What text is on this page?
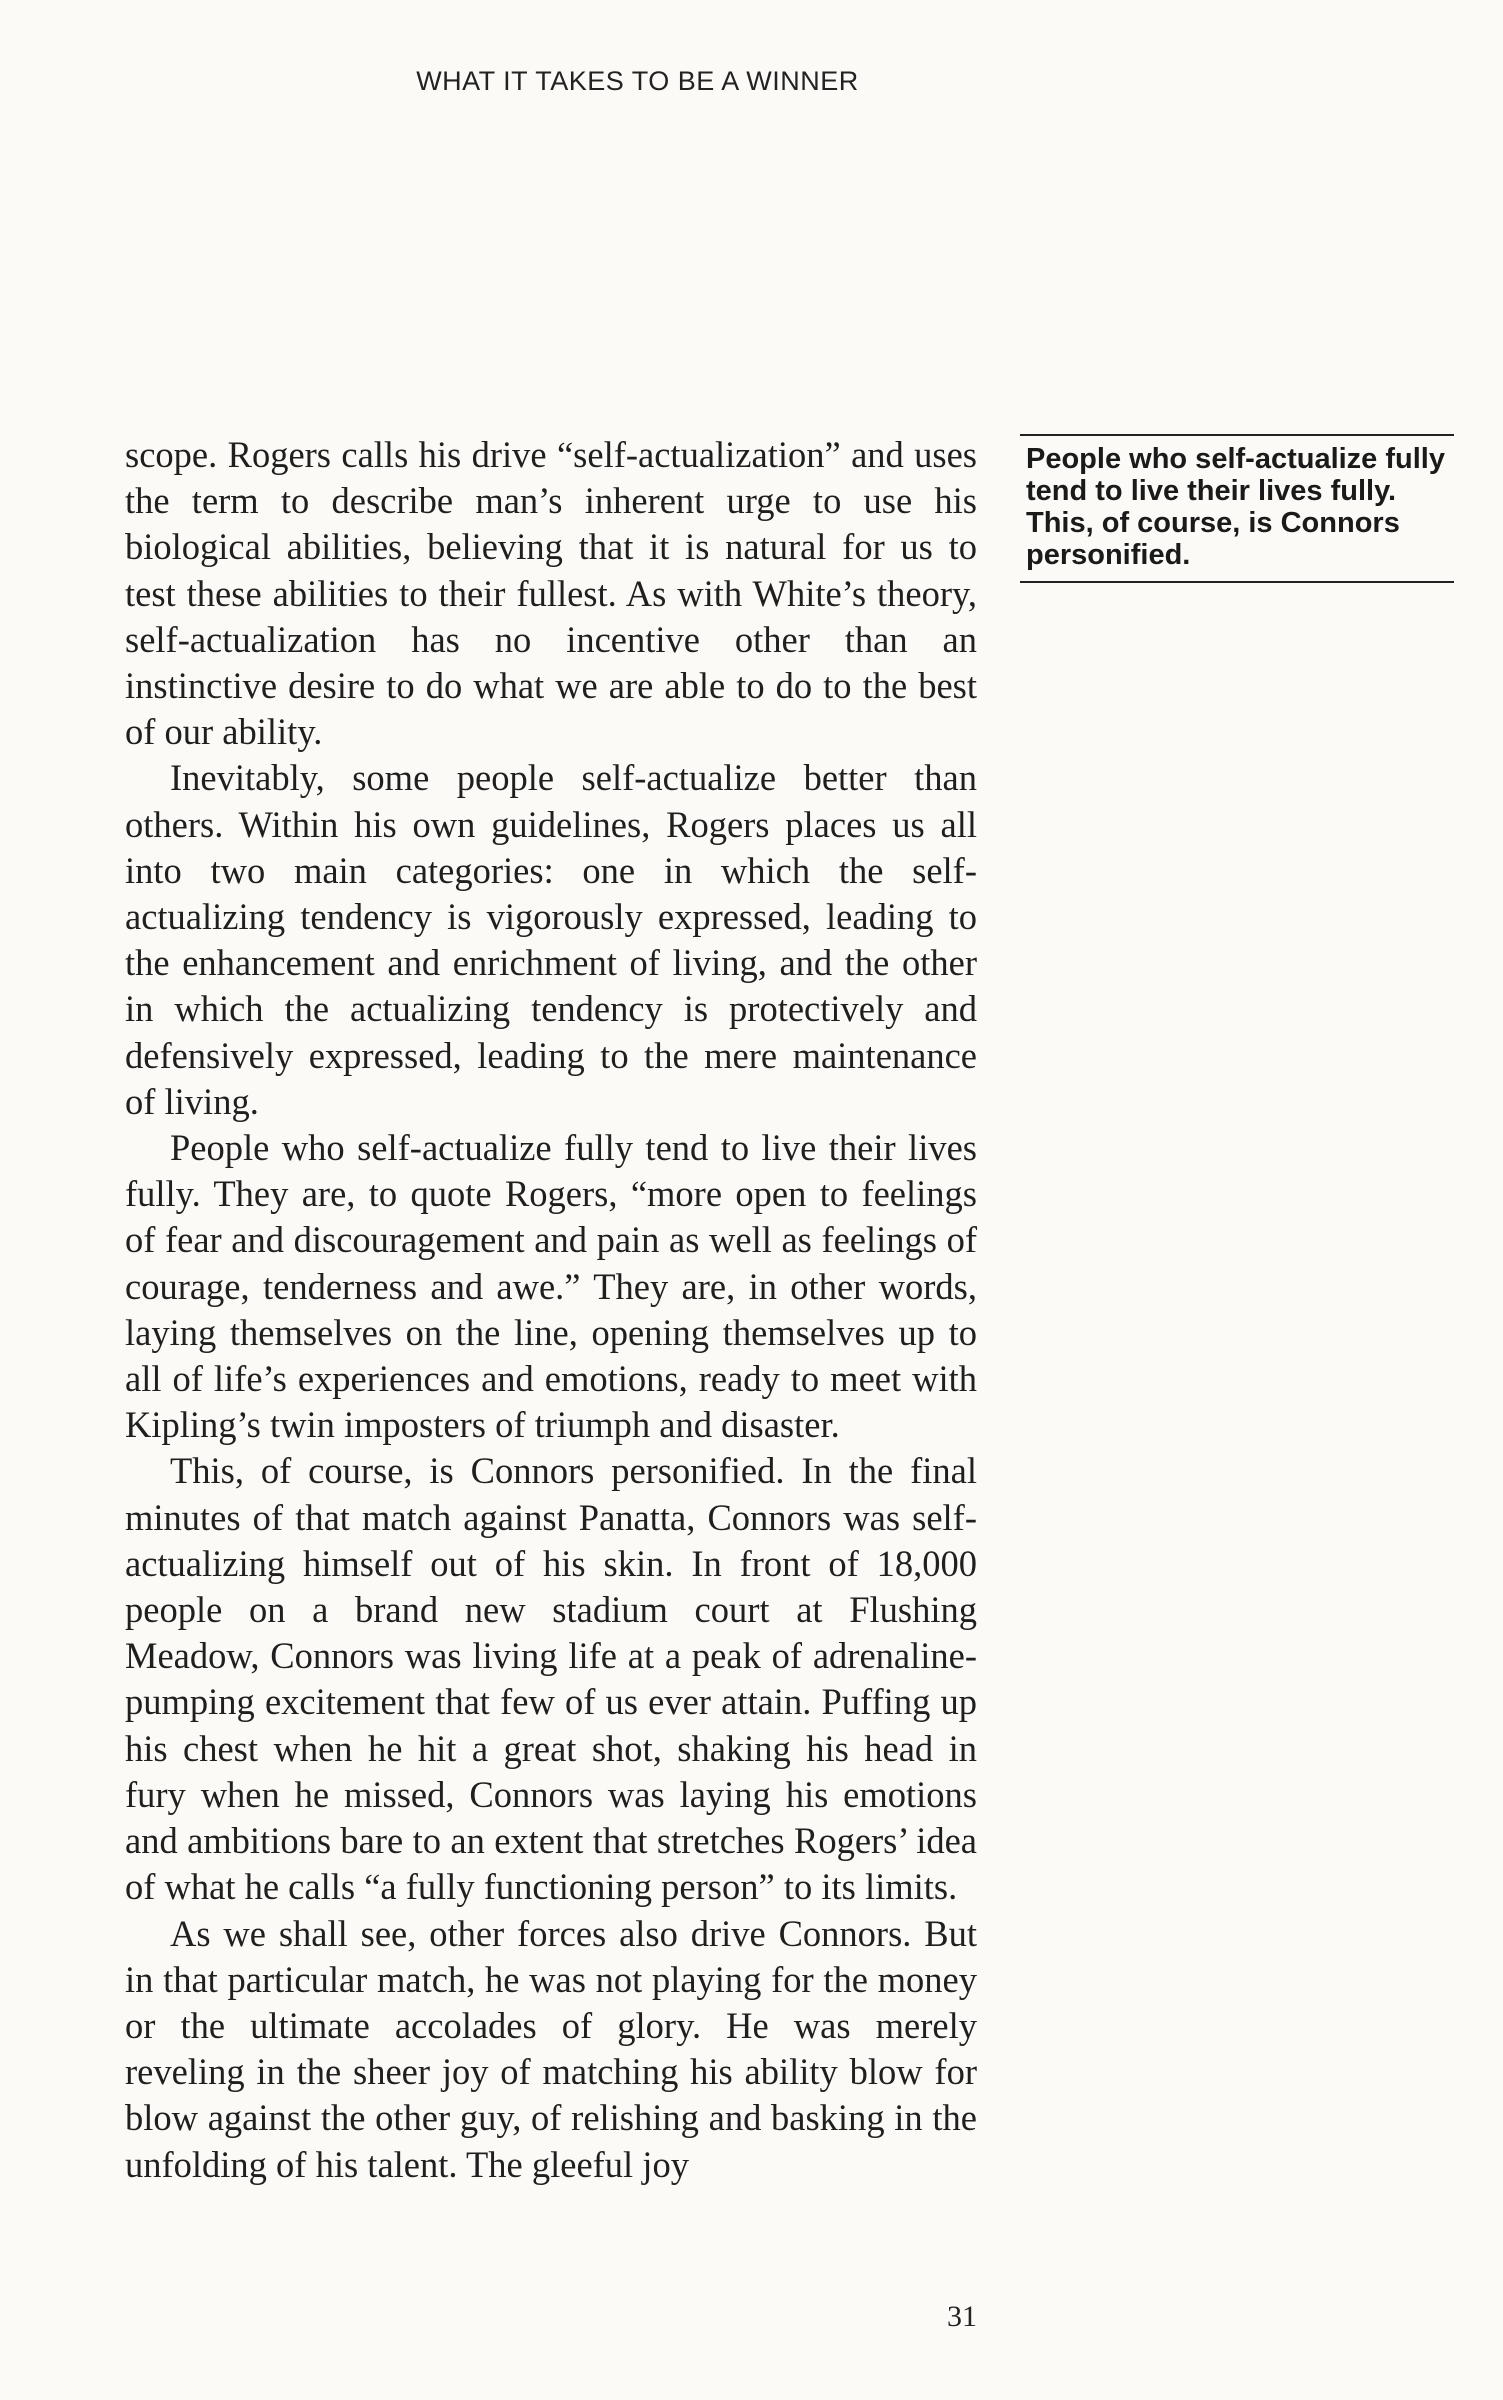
WHAT IT TAKES TO BE A WINNER

scope. Rogers calls his drive “self-actualization” and uses the term to describe man’s inherent urge to use his biological abilities, believing that it is natural for us to test these abilities to their fullest. As with White’s theory, self-actualization has no incentive other than an instinctive desire to do what we are able to do to the best of our ability.

Inevitably, some people self-actualize better than others. Within his own guidelines, Rogers places us all into two main categories: one in which the self-actualizing tendency is vigorously expressed, leading to the enhancement and enrichment of living, and the other in which the actualizing tendency is protectively and defensively expressed, leading to the mere maintenance of living.

People who self-actualize fully tend to live their lives fully. They are, to quote Rogers, “more open to feelings of fear and discouragement and pain as well as feelings of courage, tenderness and awe.” They are, in other words, laying themselves on the line, opening themselves up to all of life’s experiences and emotions, ready to meet with Kipling’s twin imposters of triumph and disaster.

This, of course, is Connors personified. In the final minutes of that match against Panatta, Connors was self-actualizing himself out of his skin. In front of 18,000 people on a brand new stadium court at Flushing Meadow, Connors was living life at a peak of adrenaline-pumping excitement that few of us ever attain. Puffing up his chest when he hit a great shot, shaking his head in fury when he missed, Connors was laying his emotions and ambitions bare to an extent that stretches Rogers’ idea of what he calls “a fully functioning person” to its limits.

As we shall see, other forces also drive Connors. But in that particular match, he was not playing for the money or the ultimate accolades of glory. He was merely reveling in the sheer joy of matching his ability blow for blow against the other guy, of relishing and basking in the unfolding of his talent. The gleeful joy

People who self-actualize fully tend to live their lives fully. This, of course, is Connors personified.
31
